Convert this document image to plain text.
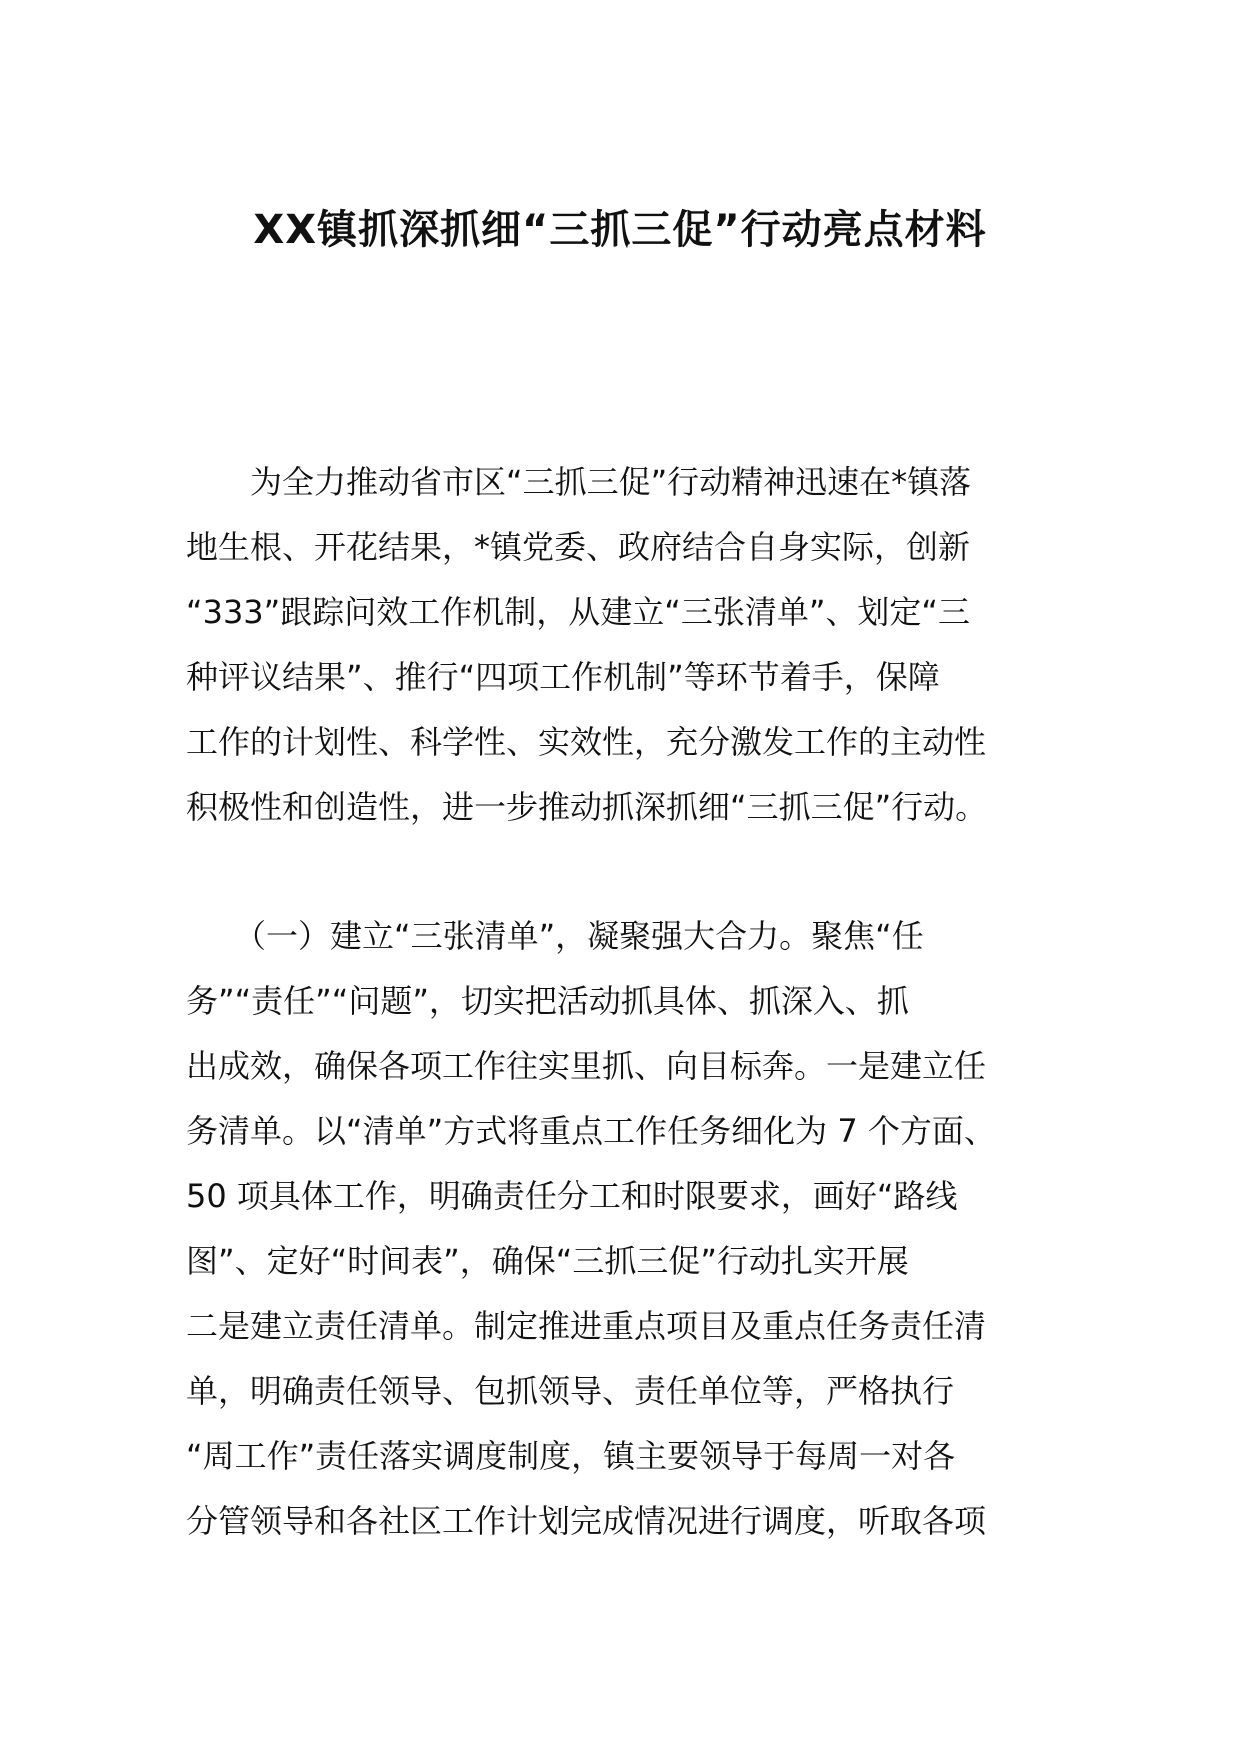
XX镇抓深抓细“三抓三促”行动亮点材料
　　为全力推动省市区“三抓三促”行动精神迅速在*镇落
地生根、开花结果，*镇党委、政府结合自身实际，创新
“333”跟踪问效工作机制，从建立“三张清单”、划定“三
种评议结果”、推行“四项工作机制”等环节着手，保障
工作的计划性、科学性、实效性，充分激发工作的主动性
积极性和创造性，进一步推动抓深抓细“三抓三促”行动。
　　（一）建立“三张清单”，凝聚强大合力。聚焦“任
务”“责任”“问题”，切实把活动抓具体、抓深入、抓
出成效，确保各项工作往实里抓、向目标奔。一是建立任
务清单。以“清单”方式将重点工作任务细化为 7 个方面、
50 项具体工作，明确责任分工和时限要求，画好“路线
图”、定好“时间表”，确保“三抓三促”行动扎实开展
二是建立责任清单。制定推进重点项目及重点任务责任清
单，明确责任领导、包抓领导、责任单位等，严格执行
“周工作”责任落实调度制度，镇主要领导于每周一对各
分管领导和各社区工作计划完成情况进行调度，听取各项
